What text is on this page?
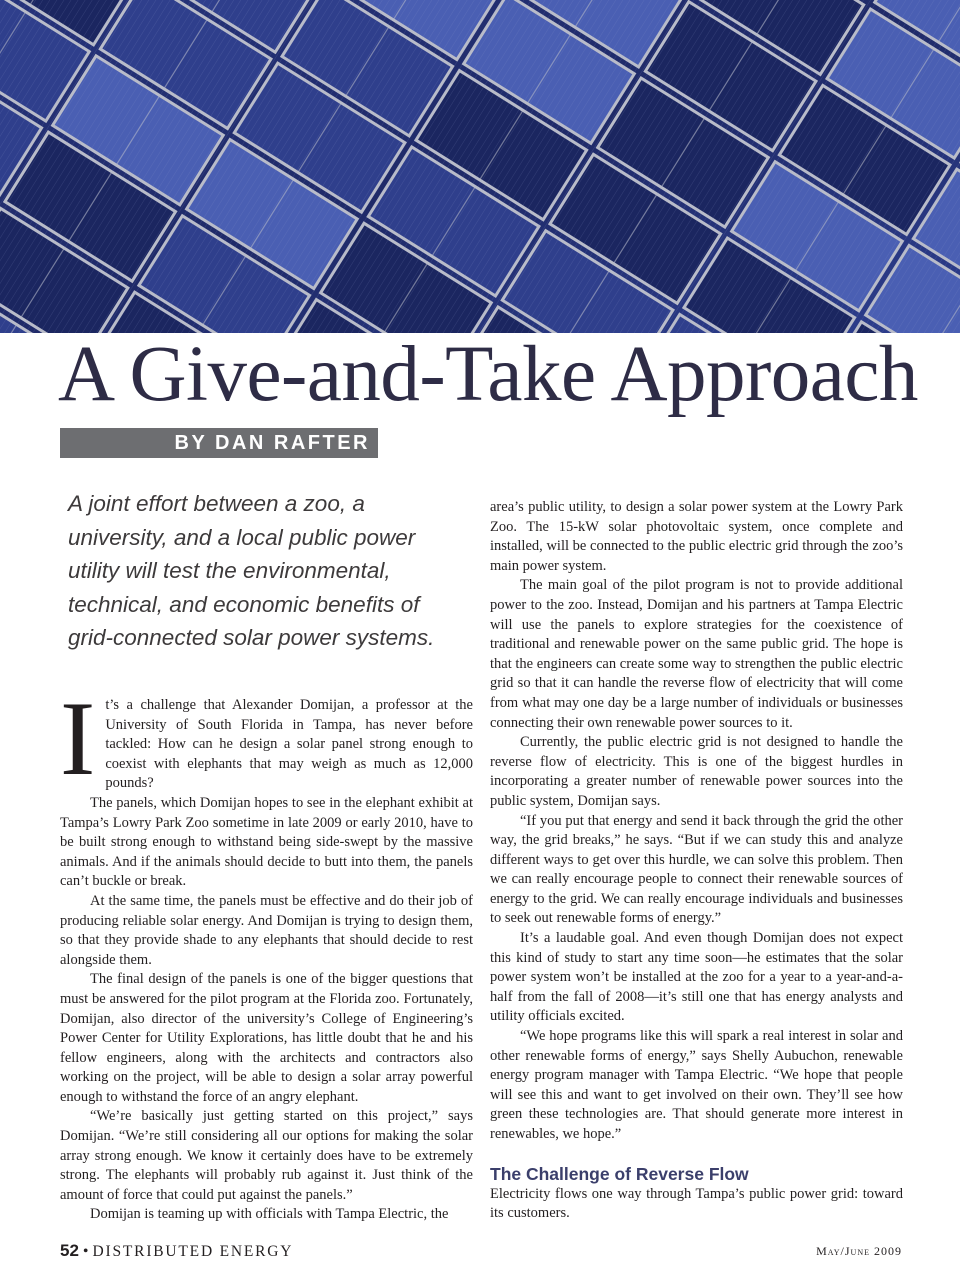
A Give-and-Take Approach
BY DAN RAFTER
A joint effort between a zoo, a university, and a local public power utility will test the environmental, technical, and economic benefits of grid-connected solar power systems.

It’s a challenge that Alexander Domijan, a professor at the University of South Florida in Tampa, has never before tackled: How can he design a solar panel strong enough to coexist with elephants that may weigh as much as 12,000 pounds?

The panels, which Domijan hopes to see in the elephant exhibit at Tampa’s Lowry Park Zoo sometime in late 2009 or early 2010, have to be built strong enough to withstand being side-swept by the massive animals. And if the animals should decide to butt into them, the panels can’t buckle or break.

At the same time, the panels must be effective and do their job of producing reliable solar energy. And Domijan is trying to design them, so that they provide shade to any elephants that should decide to rest alongside them.

The final design of the panels is one of the bigger questions that must be answered for the pilot program at the Florida zoo. Fortunately, Domijan, also director of the university’s College of Engineering’s Power Center for Utility Explorations, has little doubt that he and his fellow engineers, along with the architects and contractors also working on the project, will be able to design a solar array powerful enough to withstand the force of an angry elephant.

“We’re basically just getting started on this project,” says Domijan. “We’re still considering all our options for making the solar array strong enough. We know it certainly does have to be extremely strong. The elephants will probably rub against it. Just think of the amount of force that could put against the panels.”

Domijan is teaming up with officials with Tampa Electric, the

area’s public utility, to design a solar power system at the Lowry Park Zoo. The 15-kW solar photovoltaic system, once complete and installed, will be connected to the public electric grid through the zoo’s main power system.

The main goal of the pilot program is not to provide additional power to the zoo. Instead, Domijan and his partners at Tampa Electric will use the panels to explore strategies for the coexistence of traditional and renewable power on the same public grid. The hope is that the engineers can create some way to strengthen the public electric grid so that it can handle the reverse flow of electricity that will come from what may one day be a large number of individuals or businesses connecting their own renewable power sources to it.

Currently, the public electric grid is not designed to handle the reverse flow of electricity. This is one of the biggest hurdles in incorporating a greater number of renewable power sources into the public system, Domijan says.

“If you put that energy and send it back through the grid the other way, the grid breaks,” he says. “But if we can study this and analyze different ways to get over this hurdle, we can solve this problem. Then we can really encourage people to connect their renewable sources of energy to the grid. We can really encourage individuals and businesses to seek out renewable forms of energy.”

It’s a laudable goal. And even though Domijan does not expect this kind of study to start any time soon—he estimates that the solar power system won’t be installed at the zoo for a year to a year-and-a-half from the fall of 2008—it’s still one that has energy analysts and utility officials excited.

“We hope programs like this will spark a real interest in solar and other renewable forms of energy,” says Shelly Aubuchon, renewable energy program manager with Tampa Electric. “We hope that people will see this and want to get involved on their own. They’ll see how green these technologies are. That should generate more interest in renewables, we hope.”

The Challenge of Reverse Flow

Electricity flows one way through Tampa’s public power grid: toward its customers.

52 • DISTRIBUTED ENERGY	May/June 2009
